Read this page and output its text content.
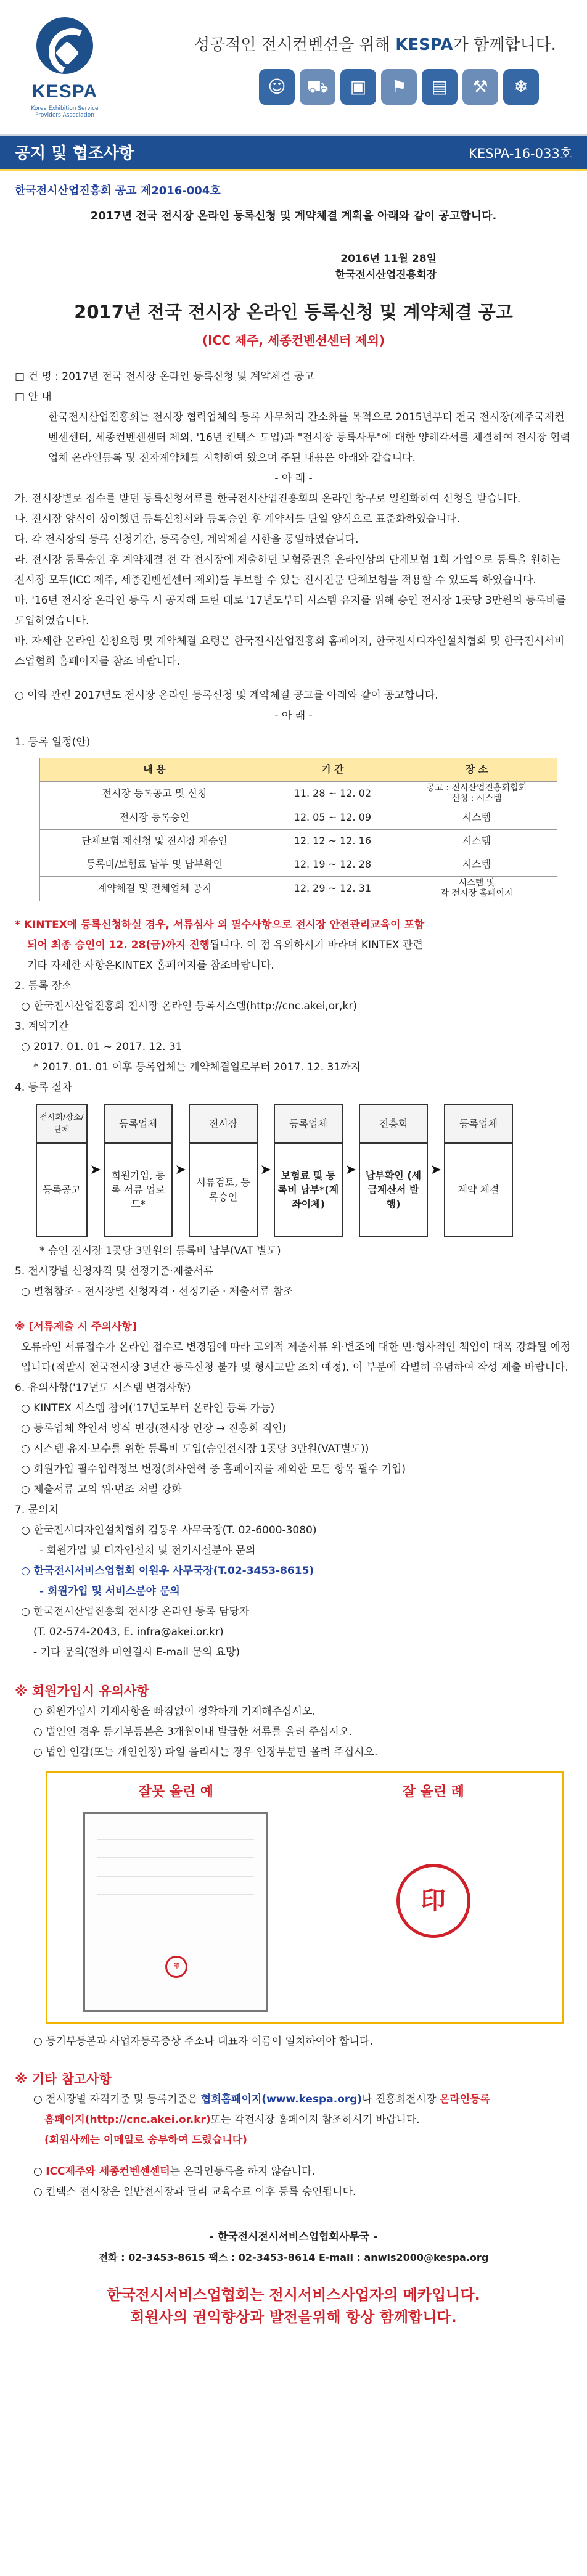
KESPA
Korea Exhibition Service Providers Association
성공적인 전시컨벤션을 위해 KESPA가 함께합니다.
☺	⛟	▣	⚑	▤	⚒	❄
공지 및 협조사항	KESPA-16-033호
한국전시산업진흥회 공고 제2016-004호
2017년 전국 전시장 온라인 등록신청 및 계약체결 계획을 아래와 같이 공고합니다.
2016년 11월 28일
한국전시산업진흥회장
2017년 전국 전시장 온라인 등록신청 및 계약체결 공고
(ICC 제주, 세종컨벤션센터 제외)
□ 건 명 : 2017년 전국 전시장 온라인 등록신청 및 계약체결 공고
□ 안 내
한국전시산업진흥회는 전시장 협력업체의 등록 사무처리 간소화를 목적으로 2015년부터 전국 전시장(제주국제컨벤센센터, 세종컨벤센센터 제외, '16년 킨텍스 도입)과 "전시장 등록사무"에 대한 양해각서를 체결하여 전시장 협력업체 온라인등록 및 전자계약체를 시행하여 왔으며 주된 내용은 아래와 같습니다.
- 아 래 -
가. 전시장별로 접수를 받던 등록신청서류를 한국전시산업진흥회의 온라인 창구로 일원화하여 신청을 받습니다.
나. 전시장 양식이 상이했던 등록신청서와 등록승인 후 계약서를 단일 양식으로 표준화하였습니다.
다. 각 전시장의 등록 신청기간, 등록승인, 계약체결 시한을 통일하였습니다.
라. 전시장 등록승인 후 계약체결 전 각 전시장에 제출하던 보험증권을 온라인상의 단체보험 1회 가입으로 등록을 원하는 전시장 모두(ICC 제주, 세종컨벤센센터 제외)를 부보할 수 있는 전시전문 단체보험을 적용할 수 있도록 하였습니다.
마. '16년 전시장 온라인 등록 시 공지해 드린 대로 '17년도부터 시스템 유지를 위해 승인 전시장 1곳당 3만원의 등록비를 도입하였습니다.
바. 자세한 온라인 신청요령 및 계약체결 요령은 한국전시산업진흥회 홈페이지, 한국전시디자인설치협회 및 한국전시서비스업협회 홈페이지를 참조 바랍니다.
○ 이와 관련 2017년도 전시장 온라인 등록신청 및 계약체결 공고를 아래와 같이 공고합니다.
- 아 래 -
1. 등록 일정(안)
내 용	기 간	장 소
전시장 등록공고 및 신청	11. 28 ~ 12. 02	공고 : 전시산업진흥회협회
신청 : 시스템
전시장 등록승인	12. 05 ~ 12. 09	시스템
단체보험 재신청 및 전시장 재승인	12. 12 ~ 12. 16	시스템
등록비/보험료 납부 및 납부확인	12. 19 ~ 12. 28	시스템
계약체결 및 전체업체 공지	12. 29 ~ 12. 31	시스템 및
각 전시장 홈페이지
* KINTEX에 등록신청하실 경우, 서류심사 외 필수사항으로 전시장 안전관리교육이 포함
되어 최종 승인이 12. 28(금)까지 진행됩니다. 이 점 유의하시기 바라며 KINTEX 관련
기타 자세한 사항은KINTEX 홈페이지를 참조바랍니다.
2. 등록 장소
○ 한국전시산업진흥회 전시장 온라인 등록시스템(http://cnc.akei,or,kr)
3. 계약기간
○ 2017. 01. 01 ~ 2017. 12. 31
* 2017. 01. 01 이후 등록업체는 계약체결일로부터 2017. 12. 31까지
4. 등록 절차
전시회/장소/단체
등록공고
➤
등록업체
회원가입, 등록 서류 업로드*
➤
전시장
서류검토, 등록승인
➤
등록업체
보험료 및 등록비 납부*(계좌이체)
➤
진흥회
납부확인 (세금계산서 발행)
➤
등록업체
계약 체결
* 승인 전시장 1곳당 3만원의 등록비 납부(VAT 별도)
5. 전시장별 신청자격 및 선정기준·제출서류
○ 별첨참조 - 전시장별 신청자격 · 선정기준 · 제출서류 참조
※ [서류제출 시 주의사항]
오류라인 서류접수가 온라인 접수로 변경됨에 따라 고의적 제출서류 위·변조에 대한 민·형사적인 책임이 대폭 강화될 예정입니다(적발시 전국전시장 3년간 등록신청 불가 및 형사고발 조치 예정). 이 부분에 각별히 유념하여 작성 제출 바랍니다.
6. 유의사항('17년도 시스템 변경사항)
○ KINTEX 시스템 참여('17년도부터 온라인 등록 가능)
○ 등록업체 확인서 양식 변경(전시장 인장 → 진흥회 직인)
○ 시스템 유지·보수를 위한 등록비 도입(승인전시장 1곳당 3만원(VAT별도))
○ 회원가입 필수입력정보 변경(회사연혁 중 홈페이지를 제외한 모든 항목 필수 기입)
○ 제출서류 고의 위·변조 처벌 강화
7. 문의처
○ 한국전시디자인설치협회 김동우 사무국장(T. 02-6000-3080)
- 회원가입 및 디자인설치 및 전기시설분야 문의
○ 한국전시서비스업협회 이원우 사무국장(T.02-3453-8615)
- 회원가입 및 서비스분야 문의
○ 한국전시산업진흥회 전시장 온라인 등록 담당자
(T. 02-574-2043, E. infra@akei.or.kr)
- 기타 문의(전화 미연결시 E-mail 문의 요망)
※ 회원가입시 유의사항
○ 회원가입시 기재사항을 빠짐없이 정확하게 기재해주십시오.
○ 법인인 경우 등기부등본은 3개월이내 발급한 서류를 올려 주십시오.
○ 법인 인감(또는 개인인장) 파일 올리시는 경우 인장부분만 올려 주십시오.
잘못 올린 예
印
잘 올린 례
印
○ 등기부등본과 사업자등록증상 주소나 대표자 이름이 일치하여야 합니다.
※ 기타 참고사항
○ 전시장별 자격기준 및 등록기준은 협회홈페이지(www.kespa.org)나 진흥회전시장 온라인등록
홈페이지(http://cnc.akei.or.kr)또는 각전시장 홈페이지 참조하시기 바랍니다.
(회원사께는 이메일로 송부하여 드렸습니다)
○ ICC제주와 세종컨벤센센터는 온라인등록을 하지 않습니다.
○ 킨텍스 전시장은 일반전시장과 달리 교육수료 이후 등록 승인됩니다.
- 한국전시전시서비스업협회사무국 -
전화 : 02-3453-8615 팩스 : 02-3453-8614 E-mail : anwls2000@kespa.org
한국전시서비스업협회는 전시서비스사업자의 메카입니다.
회원사의 권익향상과 발전을위해 항상 함께합니다.
